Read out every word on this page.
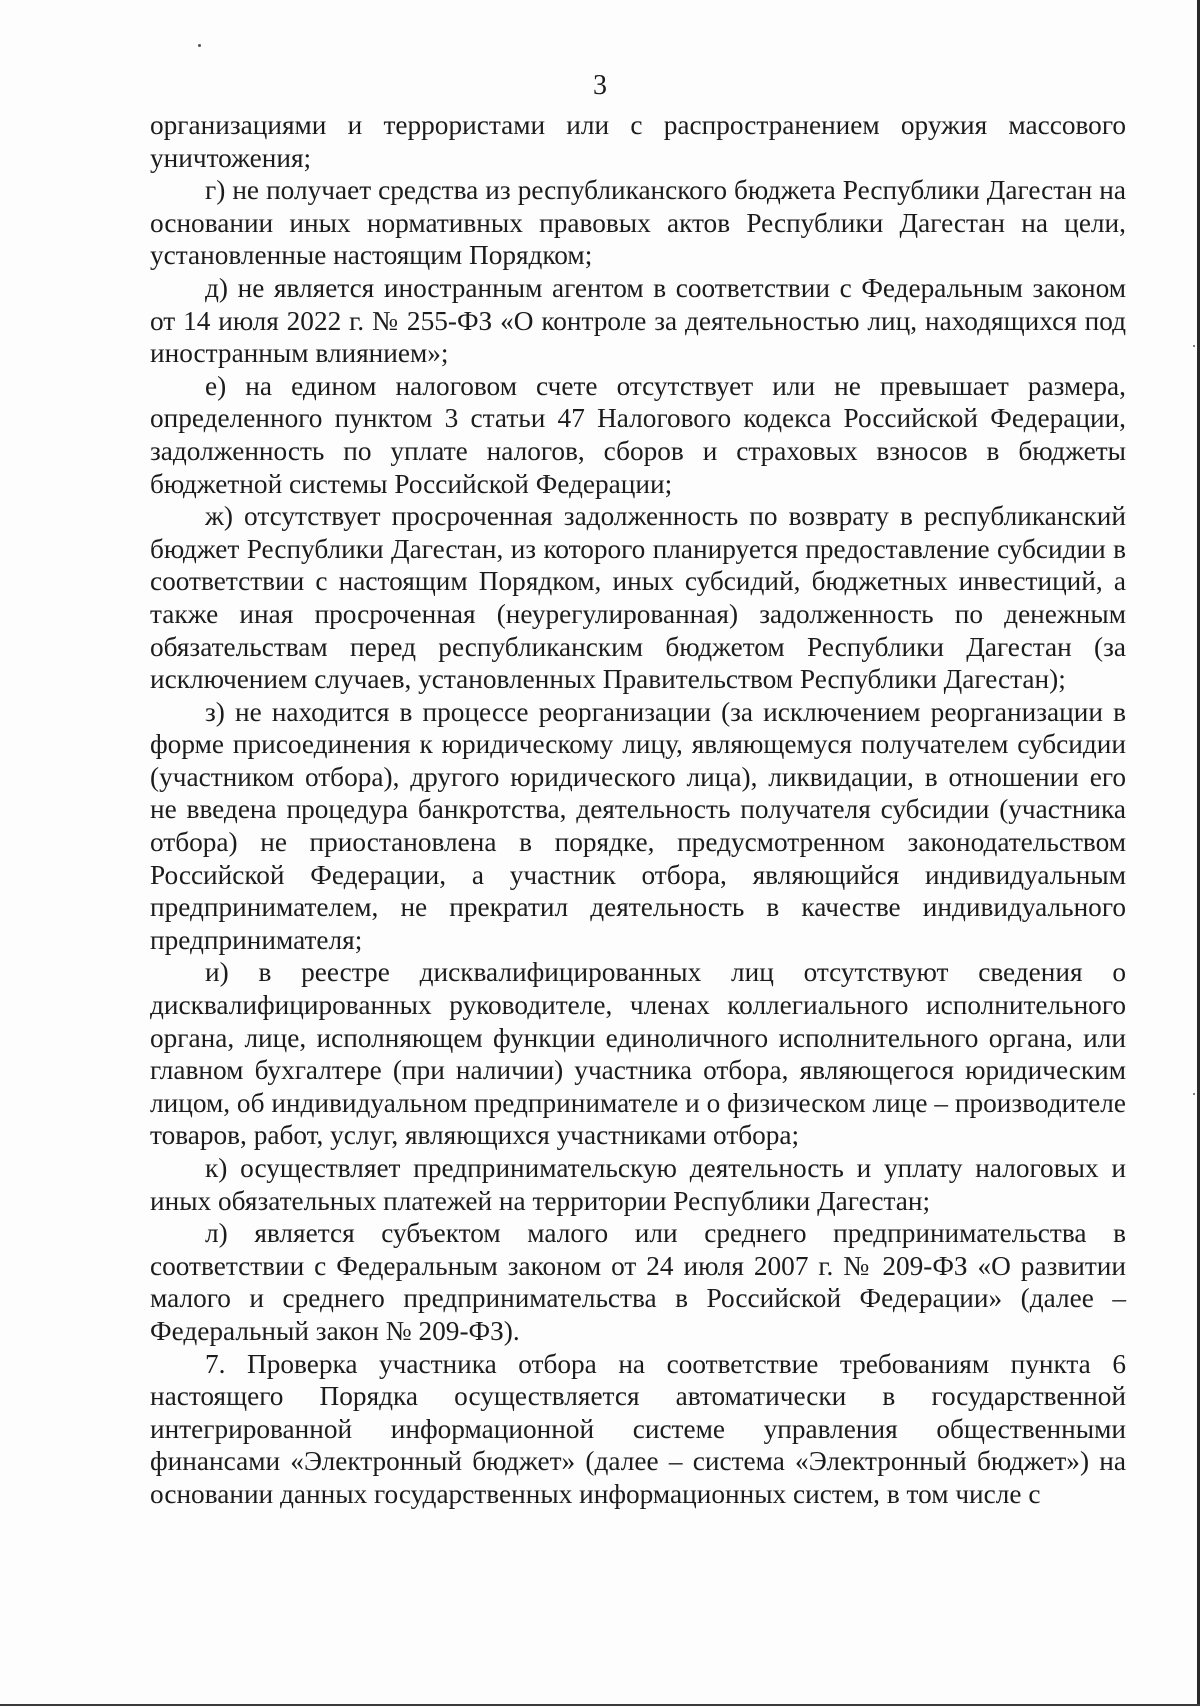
3

организациями и террористами или с распространением оружия массового уничтожения;

г) не получает средства из республиканского бюджета Республики Дагестан на основании иных нормативных правовых актов Республики Дагестан на цели, установленные настоящим Порядком;

д) не является иностранным агентом в соответствии с Федеральным законом от 14 июля 2022 г. № 255-ФЗ «О контроле за деятельностью лиц, находящихся под иностранным влиянием»;

е) на едином налоговом счете отсутствует или не превышает размера, определенного пунктом 3 статьи 47 Налогового кодекса Российской Федерации, задолженность по уплате налогов, сборов и страховых взносов в бюджеты бюджетной системы Российской Федерации;

ж) отсутствует просроченная задолженность по возврату в республиканский бюджет Республики Дагестан, из которого планируется предоставление субсидии в соответствии с настоящим Порядком, иных субсидий, бюджетных инвестиций, а также иная просроченная (неурегулированная) задолженность по денежным обязательствам перед республиканским бюджетом Республики Дагестан (за исключением случаев, установленных Правительством Республики Дагестан);

з) не находится в процессе реорганизации (за исключением реорганизации в форме присоединения к юридическому лицу, являющемуся получателем субсидии (участником отбора), другого юридического лица), ликвидации, в отношении его не введена процедура банкротства, деятельность получателя субсидии (участника отбора) не приостановлена в порядке, предусмотренном законодательством Российской Федерации, а участник отбора, являющийся индивидуальным предпринимателем, не прекратил деятельность в качестве индивидуального предпринимателя;

и) в реестре дисквалифицированных лиц отсутствуют сведения о дисквалифицированных руководителе, членах коллегиального исполнительного органа, лице, исполняющем функции единоличного исполнительного органа, или главном бухгалтере (при наличии) участника отбора, являющегося юридическим лицом, об индивидуальном предпринимателе и о физическом лице – производителе товаров, работ, услуг, являющихся участниками отбора;

к) осуществляет предпринимательскую деятельность и уплату налоговых и иных обязательных платежей на территории Республики Дагестан;

л) является субъектом малого или среднего предпринимательства в соответствии с Федеральным законом от 24 июля 2007 г. № 209-ФЗ «О развитии малого и среднего предпринимательства в Российской Федерации» (далее – Федеральный закон № 209-ФЗ).

7. Проверка участника отбора на соответствие требованиям пункта 6 настоящего Порядка осуществляется автоматически в государственной интегрированной информационной системе управления общественными финансами «Электронный бюджет» (далее – система «Электронный бюджет») на основании данных государственных информационных систем, в том числе с
